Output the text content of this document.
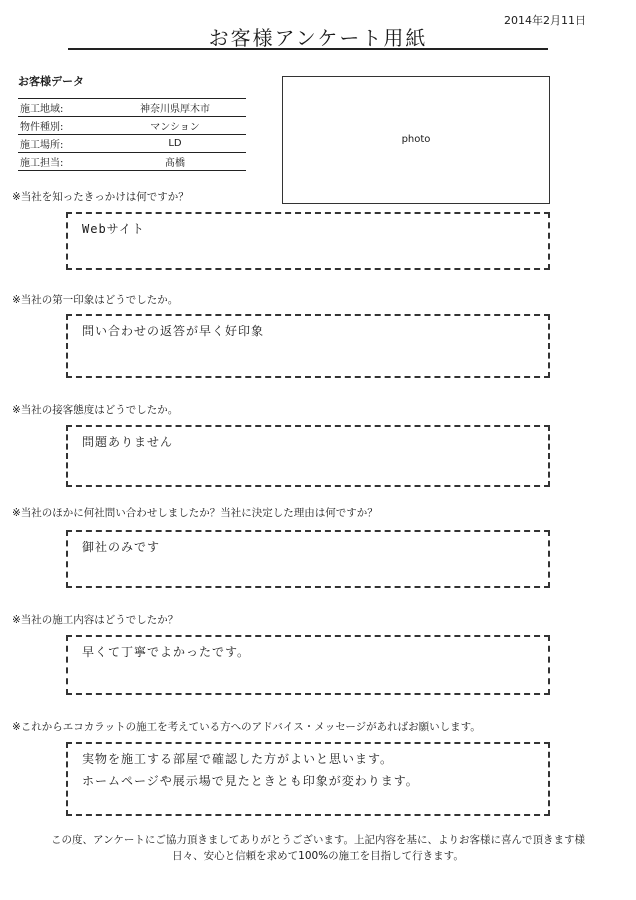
2014年2月11日
お客様アンケート用紙
お客様データ
施工地域:	神奈川県厚木市
物件種別:	マンション
施工場所:	LD
施工担当:	髙橋
photo
※当社を知ったきっかけは何ですか？
Webサイト
※当社の第一印象はどうでしたか。
問い合わせの返答が早く好印象
※当社の接客態度はどうでしたか。
問題ありません
※当社のほかに何社問い合わせしましたか？当社に決定した理由は何ですか？
御社のみです
※当社の施工内容はどうでしたか？
早くて丁寧でよかったです。
※これからエコカラットの施工を考えている方へのアドバイス・メッセージがあればお願いします。
実物を施工する部屋で確認した方がよいと思います。
ホームページや展示場で見たときとも印象が変わります。
この度、アンケートにご協力頂きましてありがとうございます。上記内容を基に、よりお客様に喜んで頂きます様
日々、安心と信頼を求めて100%の施工を目指して行きます。
